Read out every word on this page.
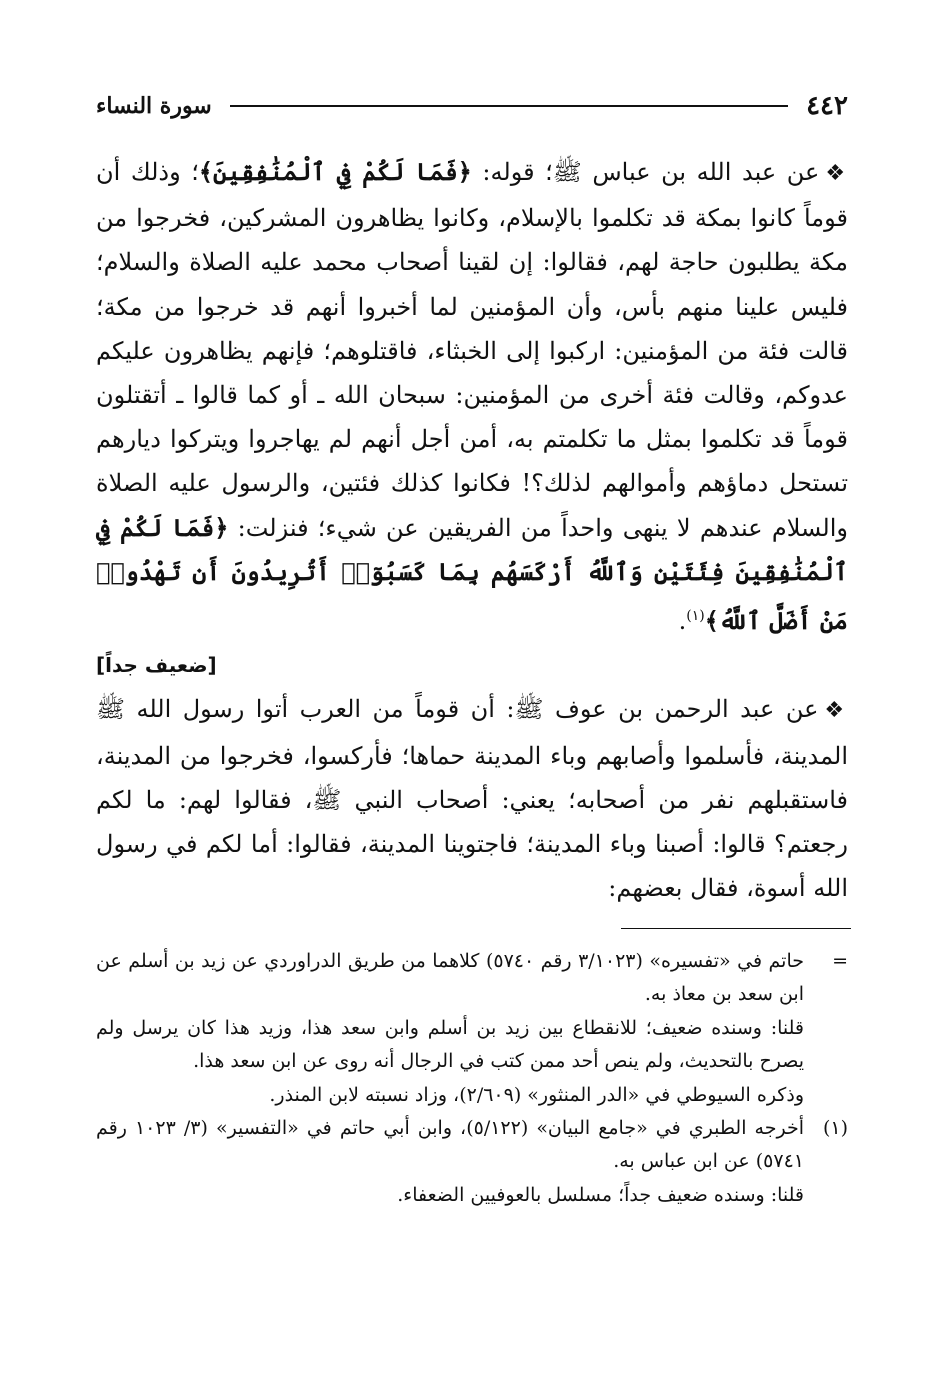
٤٤٢
سورة النساء

❖عن عبد الله بن عباس ﷺ؛ قوله: ﴿فَمَا لَكُمْ فِي ٱلْمُنَٰفِقِينَ﴾؛ وذلك أن قوماً كانوا بمكة قد تكلموا بالإسلام، وكانوا يظاهرون المشركين، فخرجوا من مكة يطلبون حاجة لهم، فقالوا: إن لقينا أصحاب محمد عليه الصلاة والسلام؛ فليس علينا منهم بأس، وأن المؤمنين لما أخبروا أنهم قد خرجوا من مكة؛ قالت فئة من المؤمنين: اركبوا إلى الخبثاء، فاقتلوهم؛ فإنهم يظاهرون عليكم عدوكم، وقالت فئة أخرى من المؤمنين: سبحان الله ـ أو كما قالوا ـ أتقتلون قوماً قد تكلموا بمثل ما تكلمتم به، أمن أجل أنهم لم يهاجروا ويتركوا ديارهم تستحل دماؤهم وأموالهم لذلك؟! فكانوا كذلك فئتين، والرسول عليه الصلاة والسلام عندهم لا ينهى واحداً من الفريقين عن شيء؛ فنزلت: ﴿فَمَا لَكُمْ فِي ٱلْمُنَٰفِقِينَ فِئَتَيْنِ وَٱللَّهُ أَرْكَسَهُم بِمَا كَسَبُوٓا۟ أَتُرِيدُونَ أَن تَهْدُوا۟ مَنْ أَضَلَّ ٱللَّهُ﴾$^{(١)}$.

[ضعيف جداً]

❖عن عبد الرحمن بن عوف ﷺ: أن قوماً من العرب أتوا رسول الله ﷺ المدينة، فأسلموا وأصابهم وباء المدينة حماها؛ فأركسوا، فخرجوا من المدينة، فاستقبلهم نفر من أصحابه؛ يعني: أصحاب النبي ﷺ، فقالوا لهم: ما لكم رجعتم؟ قالوا: أصبنا وباء المدينة؛ فاجتوينا المدينة، فقالوا: أما لكم في رسول الله أسوة، فقال بعضهم:

=

حاتم في «تفسيره» (٣/١٠٢٣ رقم ٥٧٤٠) كلاهما من طريق الدراوردي عن زيد بن أسلم عن ابن سعد بن معاذ به.

قلنا: وسنده ضعيف؛ للانقطاع بين زيد بن أسلم وابن سعد هذا، وزيد هذا كان يرسل ولم يصرح بالتحديث، ولم ينص أحد ممن كتب في الرجال أنه روى عن ابن سعد هذا.

وذكره السيوطي في «الدر المنثور» (٢/٦٠٩)، وزاد نسبته لابن المنذر.

(١)

أخرجه الطبري في «جامع البيان» (٥/١٢٢)، وابن أبي حاتم في «التفسير» (٣/ ١٠٢٣ رقم ٥٧٤١) عن ابن عباس به.

قلنا: وسنده ضعيف جداً؛ مسلسل بالعوفيين الضعفاء.
